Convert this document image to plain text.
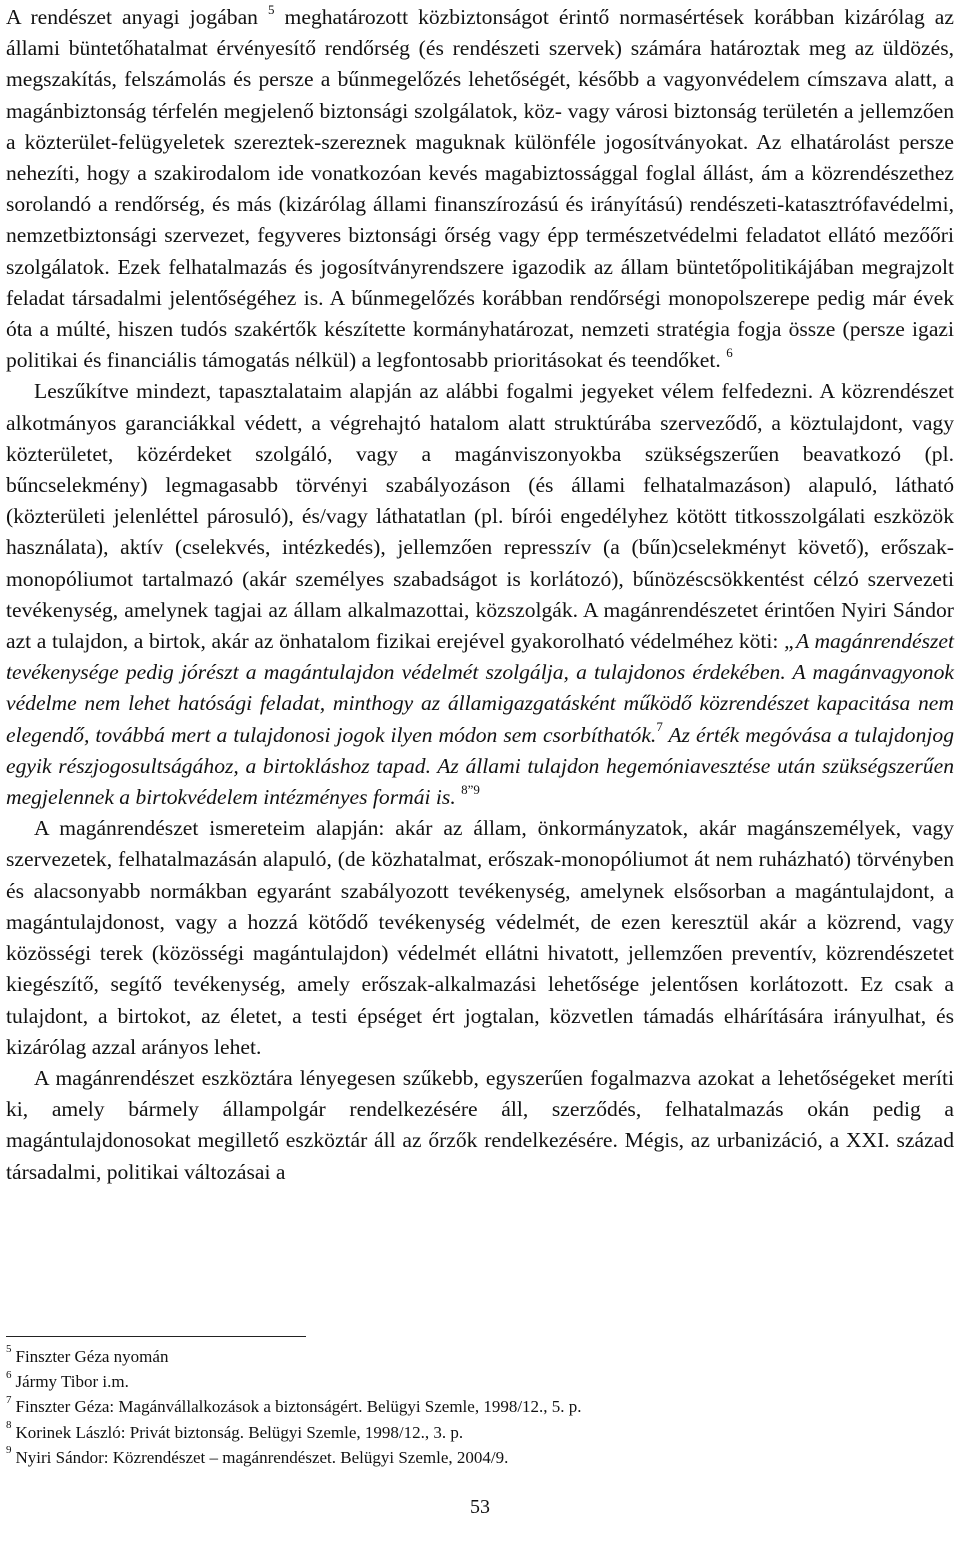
A rendészet anyagi jogában $^5$ meghatározott közbiztonságot érintő normasértések korábban kizárólag az állami büntetőhatalmat érvényesítő rendőrség (és rendészeti szervek) számára határoztak meg az üldözés, megszakítás, felszámolás és persze a bűnmegelőzés lehetőségét, később a vagyonvédelem címszava alatt, a magánbiztonság térfelén megjelenő biztonsági szolgálatok, köz- vagy városi biztonság területén a jellemzően a közterület-felügyeletek szereztek-szereznek maguknak különféle jogosítványokat. Az elhatárolást persze nehezíti, hogy a szakirodalom ide vonatkozóan kevés magabiztossággal foglal állást, ám a közrendészethez sorolandó a rendőrség, és más (kizárólag állami finanszírozású és irányítású) rendészeti-katasztrófavédelmi, nemzetbiztonsági szervezet, fegyveres biztonsági őrség vagy épp természetvédelmi feladatot ellátó mezőőri szolgálatok. Ezek felhatalmazás és jogosítványrendszere igazodik az állam büntetőpolitikájában megrajzolt feladat társadalmi jelentőségéhez is. A bűnmegelőzés korábban rendőrségi monopolszerepe pedig már évek óta a múlté, hiszen tudós szakértők készítette kormányhatározat, nemzeti stratégia fogja össze (persze igazi politikai és financiális támogatás nélkül) a legfontosabb prioritásokat és teendőket. $^6$

Leszűkítve mindezt, tapasztalataim alapján az alábbi fogalmi jegyeket vélem felfedezni. A közrendészet alkotmányos garanciákkal védett, a végrehajtó hatalom alatt struktúrába szerveződő, a köztulajdont, vagy közterületet, közérdeket szolgáló, vagy a magánviszonyokba szükségszerűen beavatkozó (pl. bűncselekmény) legmagasabb törvényi szabályozáson (és állami felhatalmazáson) alapuló, látható (közterületi jelenléttel párosuló), és/vagy láthatatlan (pl. bírói engedélyhez kötött titkosszolgálati eszközök használata), aktív (cselekvés, intézkedés), jellemzően represszív (a (bűn)cselekményt követő), erőszak-monopóliumot tartalmazó (akár személyes szabadságot is korlátozó), bűnözéscsökkentést célzó szervezeti tevékenység, amelynek tagjai az állam alkalmazottai, közszolgák. A magánrendészetet érintően Nyiri Sándor azt a tulajdon, a birtok, akár az önhatalom fizikai erejével gyakorolható védelméhez köti: „A magánrendészet tevékenysége pedig jórészt a magántulajdon védelmét szolgálja, a tulajdonos érdekében. A magánvagyonok védelme nem lehet hatósági feladat, minthogy az államigazgatásként működő közrendészet kapacitása nem elegendő, továbbá mert a tulajdonosi jogok ilyen módon sem csorbíthatók.$^7$ Az érték megóvása a tulajdonjog egyik részjogosultságához, a birtokláshoz tapad. Az állami tulajdon hegemóniavesztése után szükségszerűen megjelennek a birtokvédelem intézményes formái is. $^{8”9}$

A magánrendészet ismereteim alapján: akár az állam, önkormányzatok, akár magánszemélyek, vagy szervezetek, felhatalmazásán alapuló, (de közhatalmat, erőszak-monopóliumot át nem ruházható) törvényben és alacsonyabb normákban egyaránt szabályozott tevékenység, amelynek elsősorban a magántulajdont, a magántulajdonost, vagy a hozzá kötődő tevékenység védelmét, de ezen keresztül akár a közrend, vagy közösségi terek (közösségi magántulajdon) védelmét ellátni hivatott, jellemzően preventív, közrendészetet kiegészítő, segítő tevékenység, amely erőszak-alkalmazási lehetősége jelentősen korlátozott. Ez csak a tulajdont, a birtokot, az életet, a testi épséget ért jogtalan, közvetlen támadás elhárítására irányulhat, és kizárólag azzal arányos lehet.

A magánrendészet eszköztára lényegesen szűkebb, egyszerűen fogalmazva azokat a lehetőségeket meríti ki, amely bármely állampolgár rendelkezésére áll, szerződés, felhatalmazás okán pedig a magántulajdonosokat megillető eszköztár áll az őrzők rendelkezésére. Mégis, az urbanizáció, a XXI. század társadalmi, politikai változásai a

$^5$ Finszter Géza nyomán

$^6$ Jármy Tibor i.m.

$^7$ Finszter Géza: Magánvállalkozások a biztonságért. Belügyi Szemle, 1998/12., 5. p.

$^8$ Korinek László: Privát biztonság. Belügyi Szemle, 1998/12., 3. p.

$^9$ Nyiri Sándor: Közrendészet – magánrendészet. Belügyi Szemle, 2004/9.

53
